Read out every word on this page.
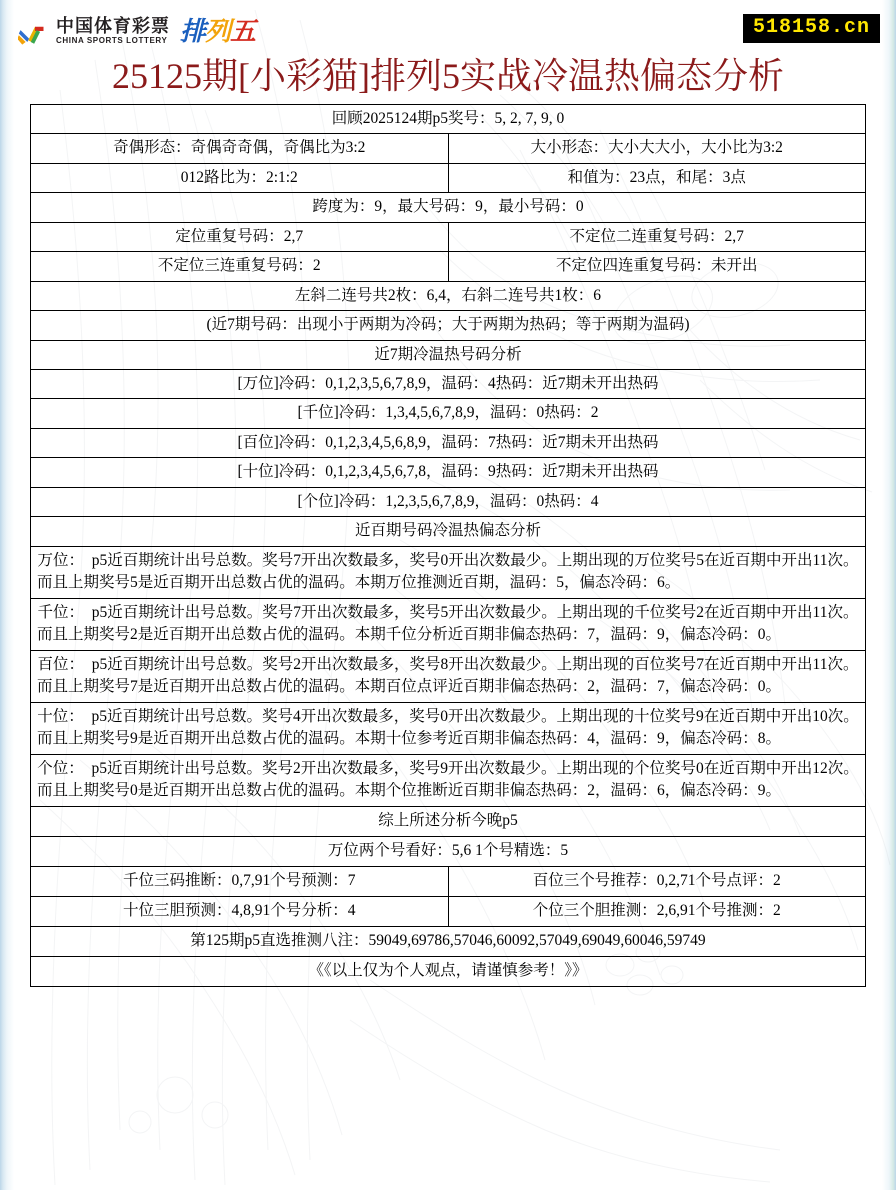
中国体育彩票
CHINA SPORTS LOTTERY 排列五	518158.cn
25125期[小彩猫]排列5实战冷温热偏态分析
回顾2025124期p5奖号：5, 2, 7, 9, 0	
奇偶形态：奇偶奇奇偶，奇偶比为3:2	大小形态：大小大大小，大小比为3:2
012路比为：2:1:2	和值为：23点，和尾：3点
跨度为：9，最大号码：9，最小号码：0	
定位重复号码：2,7	不定位二连重复号码：2,7
不定位三连重复号码：2	不定位四连重复号码：未开出
左斜二连号共2枚：6,4，右斜二连号共1枚：6	
(近7期号码：出现小于两期为冷码；大于两期为热码；等于两期为温码)	
近7期冷温热号码分析	
[万位]冷码：0,1,2,3,5,6,7,8,9，温码：4热码：近7期未开出热码	
[千位]冷码：1,3,4,5,6,7,8,9，温码：0热码：2	
[百位]冷码：0,1,2,3,4,5,6,8,9，温码：7热码：近7期未开出热码	
[十位]冷码：0,1,2,3,4,5,6,7,8，温码：9热码：近7期未开出热码	
[个位]冷码：1,2,3,5,6,7,8,9，温码：0热码：4	
近百期号码冷温热偏态分析	
万位：　p5近百期统计出号总数。奖号7开出次数最多，奖号0开出次数最少。上期出现的万位奖号5在近百期中开出11次。而且上期奖号5是近百期开出总数占优的温码。本期万位推测近百期，温码：5，偏态冷码：6。	
千位：　p5近百期统计出号总数。奖号7开出次数最多，奖号5开出次数最少。上期出现的千位奖号2在近百期中开出11次。而且上期奖号2是近百期开出总数占优的温码。本期千位分析近百期非偏态热码：7，温码：9，偏态冷码：0。	
百位：　p5近百期统计出号总数。奖号2开出次数最多，奖号8开出次数最少。上期出现的百位奖号7在近百期中开出11次。而且上期奖号7是近百期开出总数占优的温码。本期百位点评近百期非偏态热码：2，温码：7，偏态冷码：0。	
十位：　p5近百期统计出号总数。奖号4开出次数最多，奖号0开出次数最少。上期出现的十位奖号9在近百期中开出10次。而且上期奖号9是近百期开出总数占优的温码。本期十位参考近百期非偏态热码：4，温码：9，偏态冷码：8。	
个位：　p5近百期统计出号总数。奖号2开出次数最多，奖号9开出次数最少。上期出现的个位奖号0在近百期中开出12次。而且上期奖号0是近百期开出总数占优的温码。本期个位推断近百期非偏态热码：2，温码：6，偏态冷码：9。	
综上所述分析今晚p5	
万位两个号看好：5,6 1个号精选：5	
千位三码推断：0,7,91个号预测：7	百位三个号推荐：0,2,71个号点评：2
十位三胆预测：4,8,91个号分析：4	个位三个胆推测：2,6,91个号推测：2
第125期p5直选推测八注：59049,69786,57046,60092,57049,69049,60046,59749	
《《以上仅为个人观点，请谨慎参考！》》	
